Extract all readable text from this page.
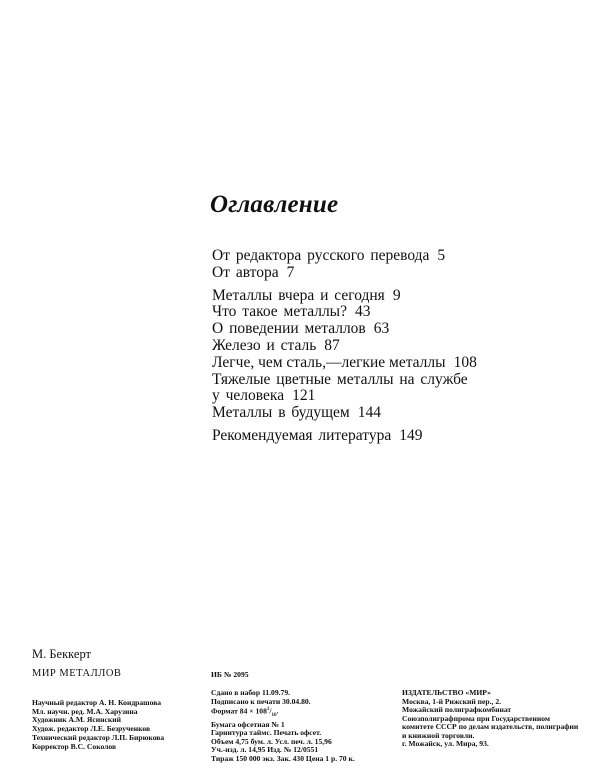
Оглавление
От редактора русского перевода 5
От автора 7
Металлы вчера и сегодня 9
Что такое металлы? 43
О поведении металлов 63
Железо и сталь 87
Легче, чем сталь,—легкие металлы 108
Тяжелые цветные металлы на службе
у человека 121
Металлы в будущем 144
Рекомендуемая литература 149

М. Беккерт

МИР МЕТАЛЛОВ

Научный редактор А. Н. Кондрашова
Мл. научн. ред. М.А. Харузина
Художник А.М. Ясинский
Худож. редактор Л.Е. Безрученков
Технический редактор Л.П. Бирюкова
Корректор В.С. Соколов

ИБ № 2095

Сдано в набор 11.09.79.
Подписано к печати 30.04.80.
Формат $84 \times 108^1/_{16}$.
Бумага офсетная № 1
Гарнитура таймс. Печать офсет.
Объем 4,75 бум. л. Усл. печ. л. 15,96
Уч.-изд. л. 14,95 Изд. № 12/0551
Тираж 150 000 экз. Зак. 430 Цена 1 р. 70 к.
ИЗДАТЕЛЬСТВО «МИР»
Москва, 1-й Рижский пер., 2.
Можайский полиграфкомбинат Союзполиграфпрома при Государственном комитете СССР по делам издательств, полиграфии и книжной торговли.
г. Можайск, ул. Мира, 93.
